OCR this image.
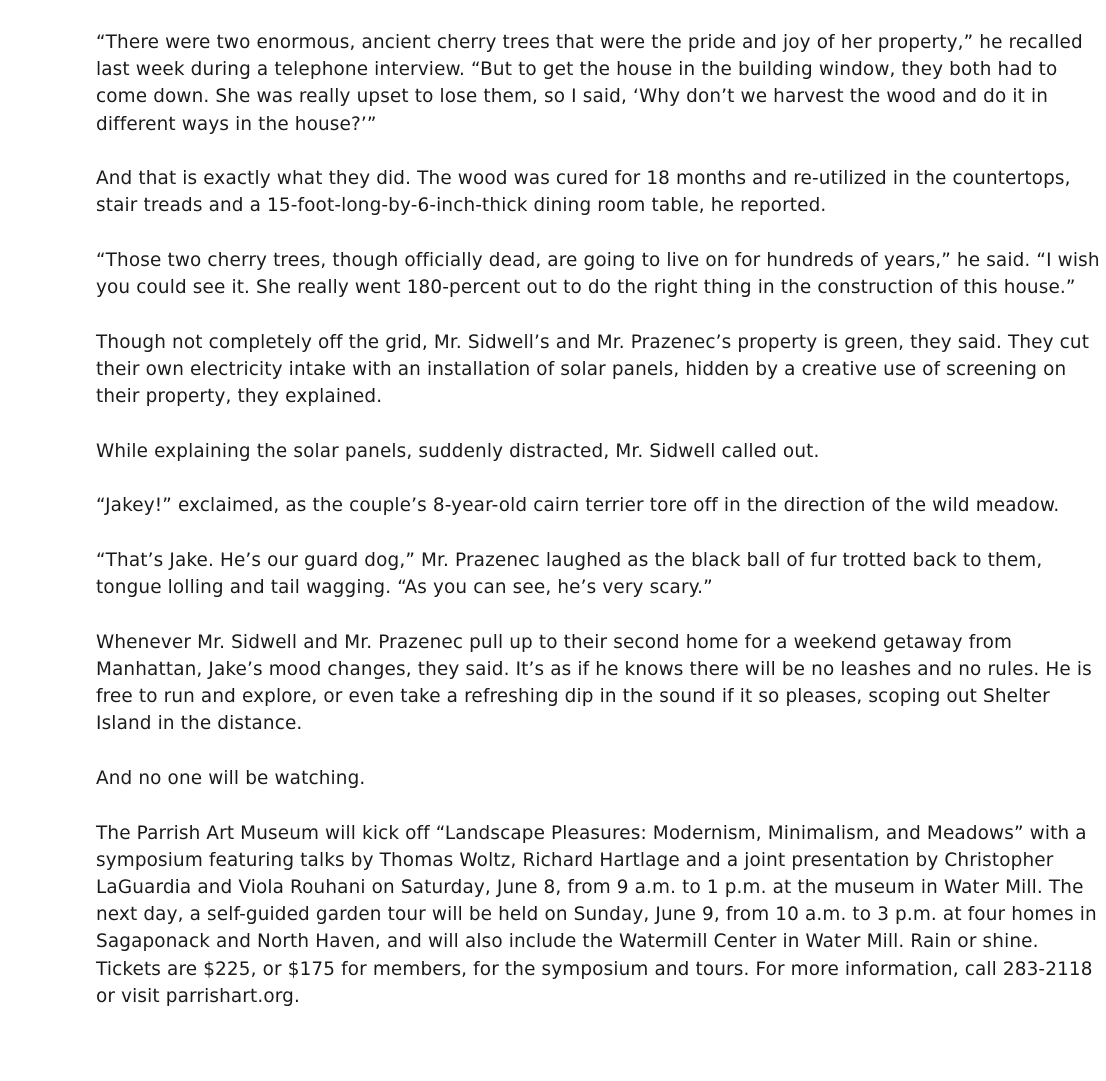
“There were two enormous, ancient cherry trees that were the pride and joy of her property,” he recalled last week during a telephone interview. “But to get the house in the building window, they both had to come down. She was really upset to lose them, so I said, ‘Why don’t we harvest the wood and do it in different ways in the house?’”

And that is exactly what they did. The wood was cured for 18 months and re-utilized in the countertops, stair treads and a 15-foot-long-by-6-inch-thick dining room table, he reported.

“Those two cherry trees, though officially dead, are going to live on for hundreds of years,” he said. “I wish you could see it. She really went 180-percent out to do the right thing in the construction of this house.”

Though not completely off the grid, Mr. Sidwell’s and Mr. Prazenec’s property is green, they said. They cut their own electricity intake with an installation of solar panels, hidden by a creative use of screening on their property, they explained.

While explaining the solar panels, suddenly distracted, Mr. Sidwell called out.

“Jakey!” exclaimed, as the couple’s 8-year-old cairn terrier tore off in the direction of the wild meadow.

“That’s Jake. He’s our guard dog,” Mr. Prazenec laughed as the black ball of fur trotted back to them, tongue lolling and tail wagging. “As you can see, he’s very scary.”

Whenever Mr. Sidwell and Mr. Prazenec pull up to their second home for a weekend getaway from Manhattan, Jake’s mood changes, they said. It’s as if he knows there will be no leashes and no rules. He is free to run and explore, or even take a refreshing dip in the sound if it so pleases, scoping out Shelter Island in the distance.

And no one will be watching.

The Parrish Art Museum will kick off “Landscape Pleasures: Modernism, Minimalism, and Meadows” with a symposium featuring talks by Thomas Woltz, Richard Hartlage and a joint presentation by Christopher LaGuardia and Viola Rouhani on Saturday, June 8, from 9 a.m. to 1 p.m. at the museum in Water Mill. The next day, a self-guided garden tour will be held on Sunday, June 9, from 10 a.m. to 3 p.m. at four homes in Sagaponack and North Haven, and will also include the Watermill Center in Water Mill. Rain or shine. Tickets are $225, or $175 for members, for the symposium and tours. For more information, call 283-2118 or visit parrishart.org.
